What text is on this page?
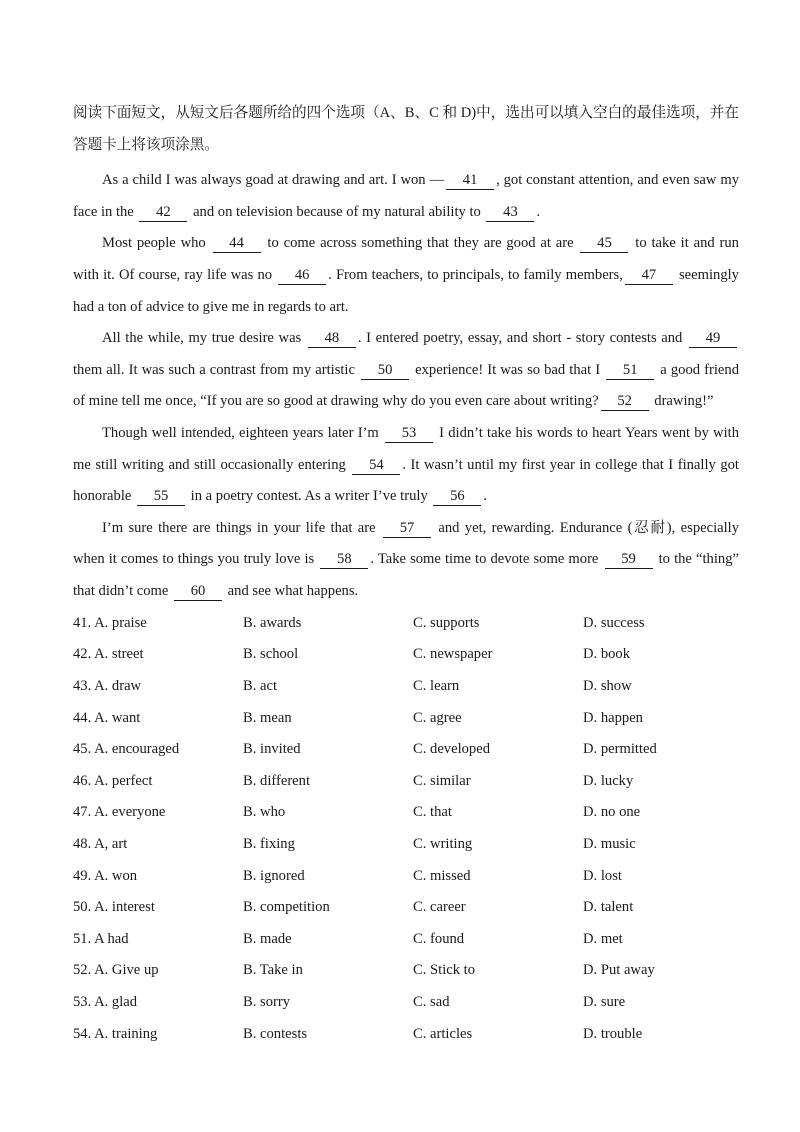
阅读下面短文，从短文后各题所给的四个选项（A、B、C 和 D)中，选出可以填入空白的最佳选项，并在答题卡上将该项涂黑。

As a child I was always goad at drawing and art. I won — 41 , got constant attention, and even saw my face in the 42 and on television because of my natural ability to 43 .

Most people who 44 to come across something that they are good at are 45 to take it and run with it. Of course, ray life was no 46 . From teachers, to principals, to family members, 47 seemingly had a ton of advice to give me in regards to art.

All the while, my true desire was 48 . I entered poetry, essay, and short - story contests and 49 them all. It was such a contrast from my artistic 50 experience! It was so bad that I 51 a good friend of mine tell me once, “If you are so good at drawing why do you even care about writing? 52 drawing!”

Though well intended, eighteen years later I’m 53 I didn’t take his words to heart Years went by with me still writing and still occasionally entering 54 . It wasn’t until my first year in college that I finally got honorable 55 in a poetry contest. As a writer I’ve truly 56 .

I’m sure there are things in your life that are 57 and yet, rewarding. Endurance (忍耐), especially when it comes to things you truly love is 58 . Take some time to devote some more 59 to the “thing” that didn’t come 60 and see what happens.

41. A. praise	B. awards	C. supports	D. success
42. A. street	B. school	C. newspaper	D. book
43. A. draw	B. act	C. learn	D. show
44. A. want	B. mean	C. agree	D. happen
45. A. encouraged	B. invited	C. developed	D. permitted
46. A. perfect	B. different	C. similar	D. lucky
47. A. everyone	B. who	C. that	D. no one
48. A, art	B. fixing	C. writing	D. music
49. A. won	B. ignored	C. missed	D. lost
50. A. interest	B. competition	C. career	D. talent
51. A had	B. made	C. found	D. met
52. A. Give up	B. Take in	C. Stick to	D. Put away
53. A. glad	B. sorry	C. sad	D. sure
54. A. training	B. contests	C. articles	D. trouble
